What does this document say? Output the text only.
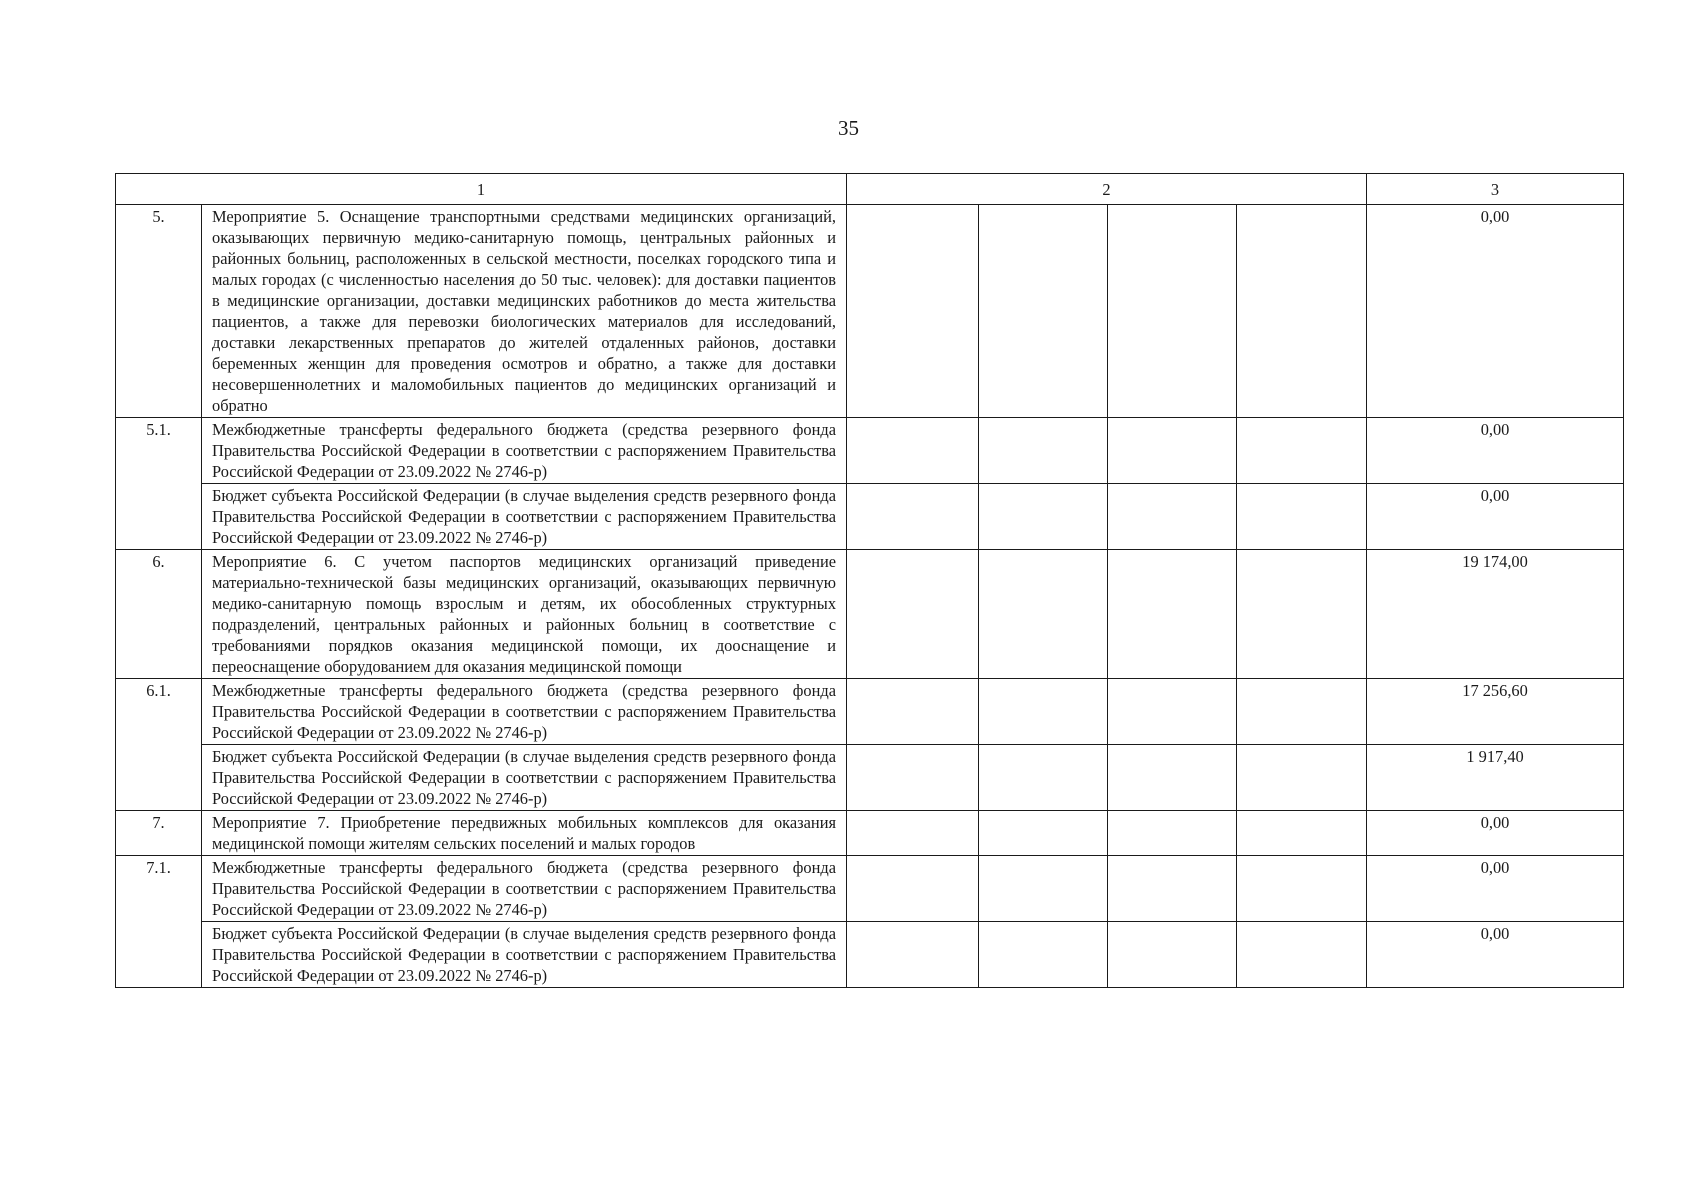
35
1		2				3
5.	Мероприятие 5. Оснащение транспортными средствами медицинских организаций, оказывающих первичную медико-санитарную помощь, центральных районных и районных больниц, расположенных в сельской местности, поселках городского типа и малых городах (с численностью населения до 50 тыс. человек): для доставки пациентов в медицинские организации, доставки медицинских работников до места жительства пациентов, а также для перевозки биологических материалов для исследований, доставки лекарственных препаратов до жителей отдаленных районов, доставки беременных женщин для проведения осмотров и обратно, а также для доставки несовершеннолетних и маломобильных пациентов до медицинских организаций и обратно					0,00
5.1.	Межбюджетные трансферты федерального бюджета (средства резервного фонда Правительства Российской Федерации в соответствии с распоряжением Правительства Российской Федерации от 23.09.2022 № 2746-р)					0,00
	Бюджет субъекта Российской Федерации (в случае выделения средств резервного фонда Правительства Российской Федерации в соответствии с распоряжением Правительства Российской Федерации от 23.09.2022 № 2746-р)					0,00
6.	Мероприятие 6. С учетом паспортов медицинских организаций приведение материально-технической базы медицинских организаций, оказывающих первичную медико-санитарную помощь взрослым и детям, их обособленных структурных подразделений, центральных районных и районных больниц в соответствие с требованиями порядков оказания медицинской помощи, их дооснащение и переоснащение оборудованием для оказания медицинской помощи					19 174,00
6.1.	Межбюджетные трансферты федерального бюджета (средства резервного фонда Правительства Российской Федерации в соответствии с распоряжением Правительства Российской Федерации от 23.09.2022 № 2746-р)					17 256,60
	Бюджет субъекта Российской Федерации (в случае выделения средств резервного фонда Правительства Российской Федерации в соответствии с распоряжением Правительства Российской Федерации от 23.09.2022 № 2746-р)					1 917,40
7.	Мероприятие 7. Приобретение передвижных мобильных комплексов для оказания медицинской помощи жителям сельских поселений и малых городов					0,00
7.1.	Межбюджетные трансферты федерального бюджета (средства резервного фонда Правительства Российской Федерации в соответствии с распоряжением Правительства Российской Федерации от 23.09.2022 № 2746-р)					0,00
	Бюджет субъекта Российской Федерации (в случае выделения средств резервного фонда Правительства Российской Федерации в соответствии с распоряжением Правительства Российской Федерации от 23.09.2022 № 2746-р)					0,00
